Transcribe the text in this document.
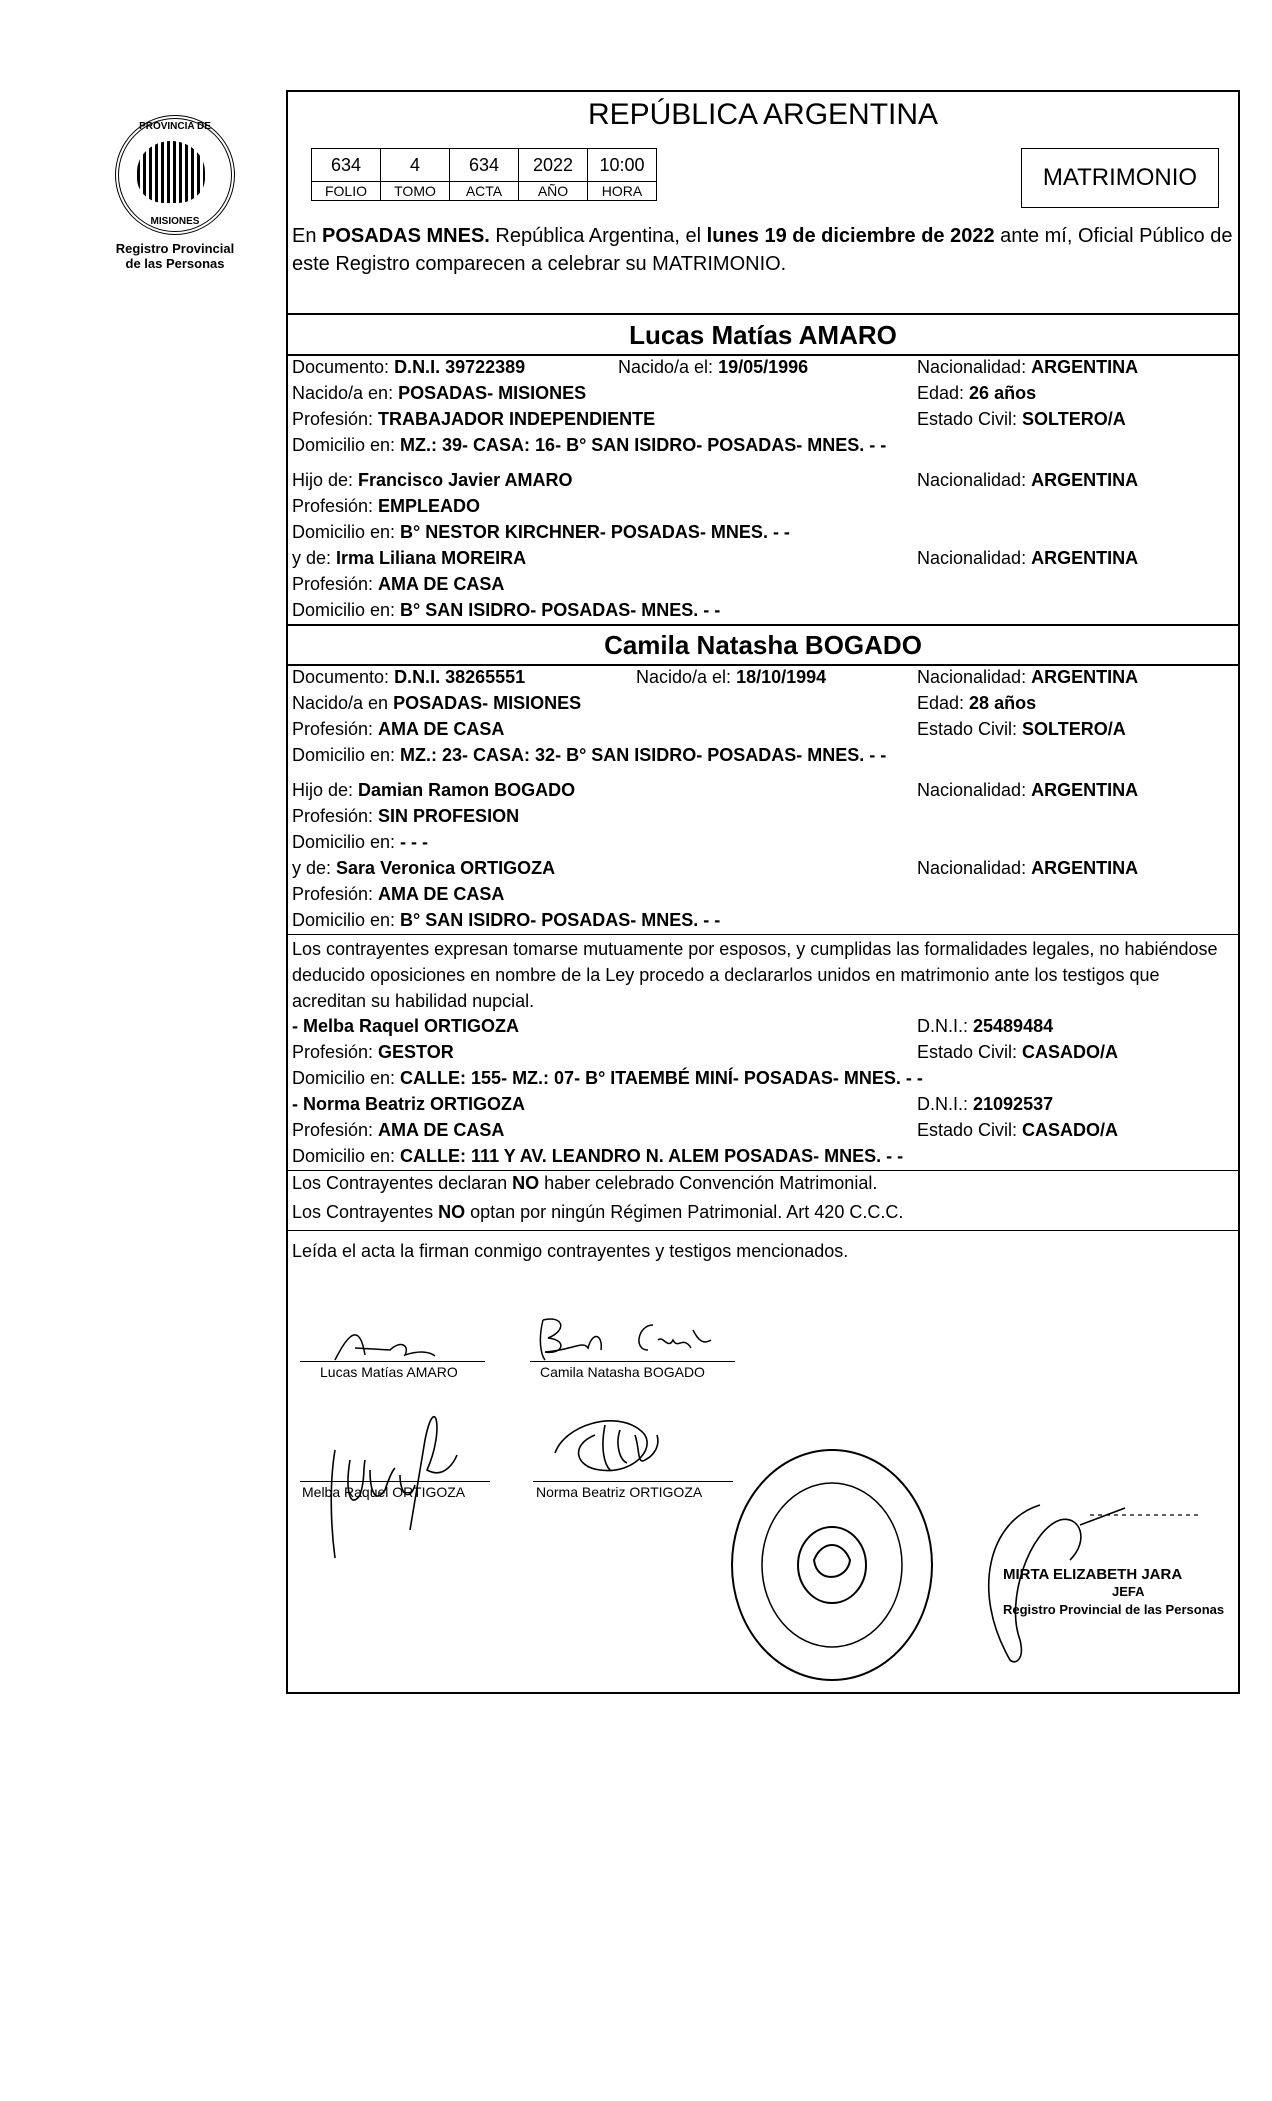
PROVINCIA DE
MISIONES
Registro Provincial
de las Personas
REPÚBLICA ARGENTINA
634	4	634	2022	10:00
FOLIO	TOMO	ACTA	AÑO	HORA	MATRIMONIO
En POSADAS MNES. República Argentina, el lunes 19 de diciembre de 2022 ante mí, Oficial Público de este Registro comparecen a celebrar su MATRIMONIO.
Lucas Matías AMARO
Documento: D.N.I. 39722389	Nacido/a el: 19/05/1996	Nacionalidad: ARGENTINA
Nacido/a en: POSADAS- MISIONES	Edad: 26 años
Profesión: TRABAJADOR INDEPENDIENTE	Estado Civil: SOLTERO/A
Domicilio en: MZ.: 39- CASA: 16- B° SAN ISIDRO- POSADAS- MNES. - -
Hijo de: Francisco Javier AMARO	Nacionalidad: ARGENTINA
Profesión: EMPLEADO
Domicilio en: B° NESTOR KIRCHNER- POSADAS- MNES. - -
y de: Irma Liliana MOREIRA	Nacionalidad: ARGENTINA
Profesión: AMA DE CASA
Domicilio en: B° SAN ISIDRO- POSADAS- MNES. - -
Camila Natasha BOGADO
Documento: D.N.I. 38265551	Nacido/a el: 18/10/1994	Nacionalidad: ARGENTINA
Nacido/a en POSADAS- MISIONES	Edad: 28 años
Profesión: AMA DE CASA	Estado Civil: SOLTERO/A
Domicilio en: MZ.: 23- CASA: 32- B° SAN ISIDRO- POSADAS- MNES. - -
Hijo de: Damian Ramon BOGADO	Nacionalidad: ARGENTINA
Profesión: SIN PROFESION
Domicilio en: - - -
y de: Sara Veronica ORTIGOZA	Nacionalidad: ARGENTINA
Profesión: AMA DE CASA
Domicilio en: B° SAN ISIDRO- POSADAS- MNES. - -
Los contrayentes expresan tomarse mutuamente por esposos, y cumplidas las formalidades legales, no habiéndose deducido oposiciones en nombre de la Ley procedo a declararlos unidos en matrimonio ante los testigos que acreditan su habilidad nupcial.
- Melba Raquel ORTIGOZA	D.N.I.: 25489484
Profesión: GESTOR	Estado Civil: CASADO/A
Domicilio en: CALLE: 155- MZ.: 07- B° ITAEMBÉ MINÍ- POSADAS- MNES. - -
- Norma Beatriz ORTIGOZA	D.N.I.: 21092537
Profesión: AMA DE CASA	Estado Civil: CASADO/A
Domicilio en: CALLE: 111 Y AV. LEANDRO N. ALEM POSADAS- MNES. - -
Los Contrayentes declaran NO haber celebrado Convención Matrimonial.
Los Contrayentes NO optan por ningún Régimen Patrimonial. Art 420 C.C.C.
Leída el acta la firman conmigo contrayentes y testigos mencionados.
Lucas Matías AMARO	Camila Natasha BOGADO
Melba Raquel ORTIGOZA	Norma Beatriz ORTIGOZA
MIRTA ELIZABETH JARA
JEFA
Registro Provincial de las Personas
